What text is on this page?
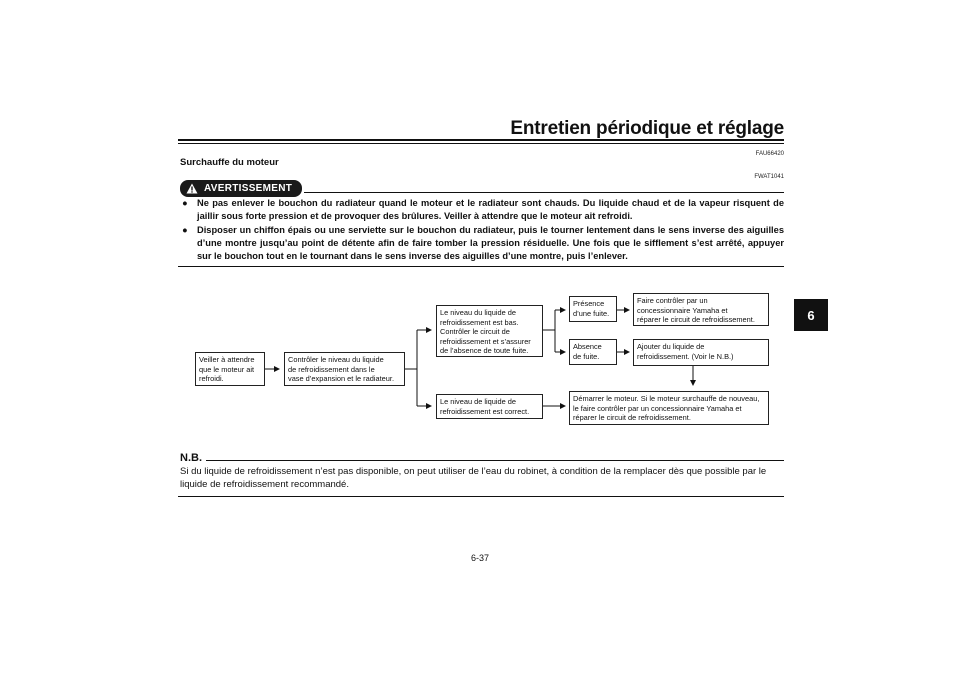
Entretien périodique et réglage
6
FAU66420
Surchauffe du moteur
FWAT1041
AVERTISSEMENT
● Ne pas enlever le bouchon du radiateur quand le moteur et le radiateur sont chauds. Du liquide chaud et de la vapeur risquent de jaillir sous forte pression et de provoquer des brûlures. Veiller à attendre que le moteur ait refroidi.
● Disposer un chiffon épais ou une serviette sur le bouchon du radiateur, puis le tourner lentement dans le sens inverse des aiguilles d’une montre jusqu’au point de détente afin de faire tomber la pression résiduelle. Une fois que le sifflement s’est arrêté, appuyer sur le bouchon tout en le tournant dans le sens inverse des aiguilles d’une montre, puis l’enlever.
Veiller à attendre
que le moteur ait
refroidi.
Contrôler le niveau du liquide
de refroidissement dans le
vase d’expansion et le radiateur.
Le niveau du liquide de
refroidissement est bas.
Contrôler le circuit de
refroidissement et s’assurer
de l’absence de toute fuite.
Le niveau de liquide de
refroidissement est correct.
Présence
d’une fuite.
Absence
de fuite.
Faire contrôler par un
concessionnaire Yamaha et
réparer le circuit de refroidissement.
Ajouter du liquide de
refroidissement. (Voir le N.B.)
Démarrer le moteur. Si le moteur surchauffe de nouveau,
le faire contrôler par un concessionnaire Yamaha et
réparer le circuit de refroidissement.
N.B.
Si du liquide de refroidissement n’est pas disponible, on peut utiliser de l’eau du robinet, à condition de la remplacer dès que possible par le liquide de refroidissement recommandé.
6-37
